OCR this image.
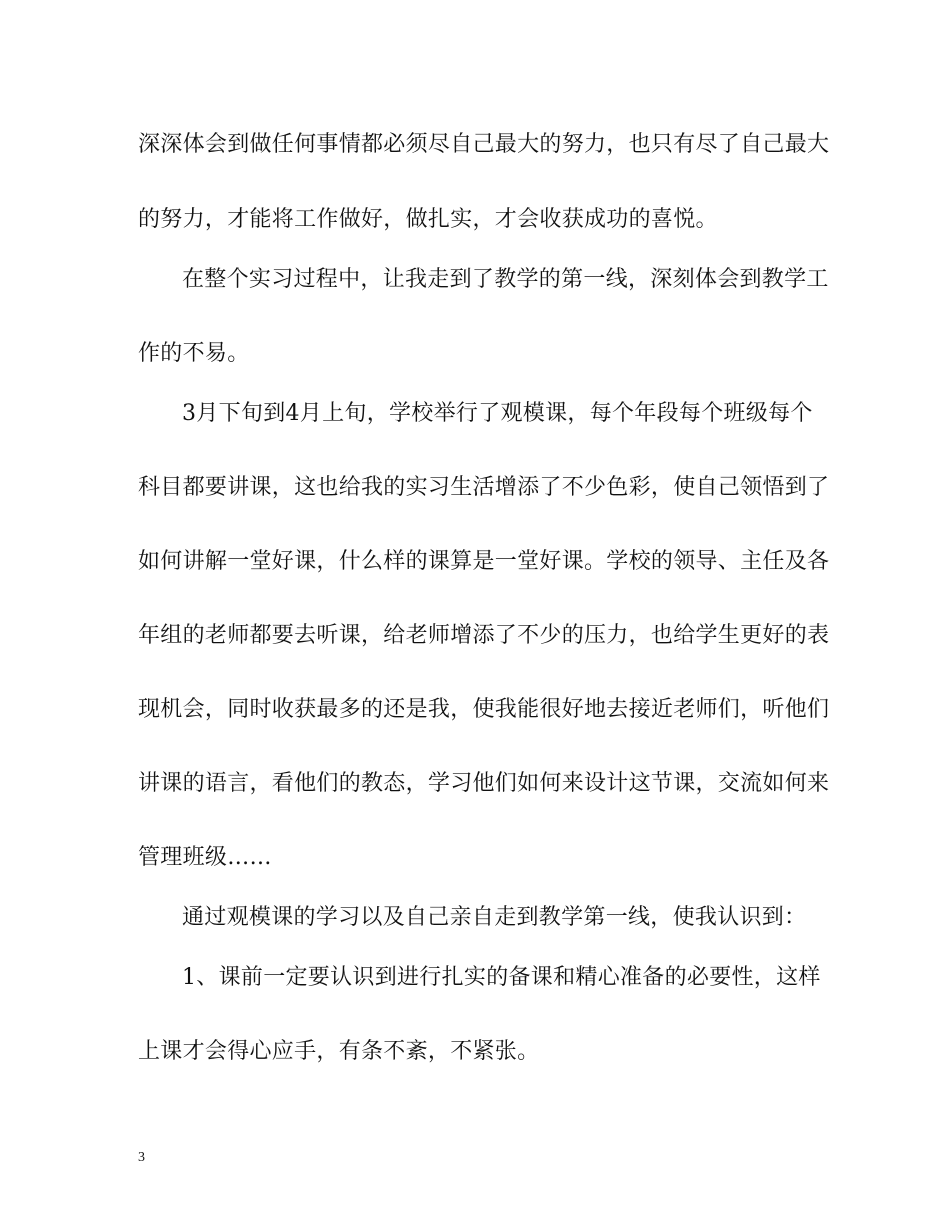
深深体会到做任何事情都必须尽自己最大的努力，也只有尽了自己最大
的努力，才能将工作做好，做扎实，才会收获成功的喜悦。
在整个实习过程中，让我走到了教学的第一线，深刻体会到教学工
作的不易。
3月下旬到4月上旬，学校举行了观模课，每个年段每个班级每个
科目都要讲课，这也给我的实习生活增添了不少色彩，使自己领悟到了
如何讲解一堂好课，什么样的课算是一堂好课。学校的领导、主任及各
年组的老师都要去听课，给老师增添了不少的压力，也给学生更好的表
现机会，同时收获最多的还是我，使我能很好地去接近老师们，听他们
讲课的语言，看他们的教态，学习他们如何来设计这节课，交流如何来
管理班级……
通过观模课的学习以及自己亲自走到教学第一线，使我认识到：
1、课前一定要认识到进行扎实的备课和精心准备的必要性，这样
上课才会得心应手，有条不紊，不紧张。
3
